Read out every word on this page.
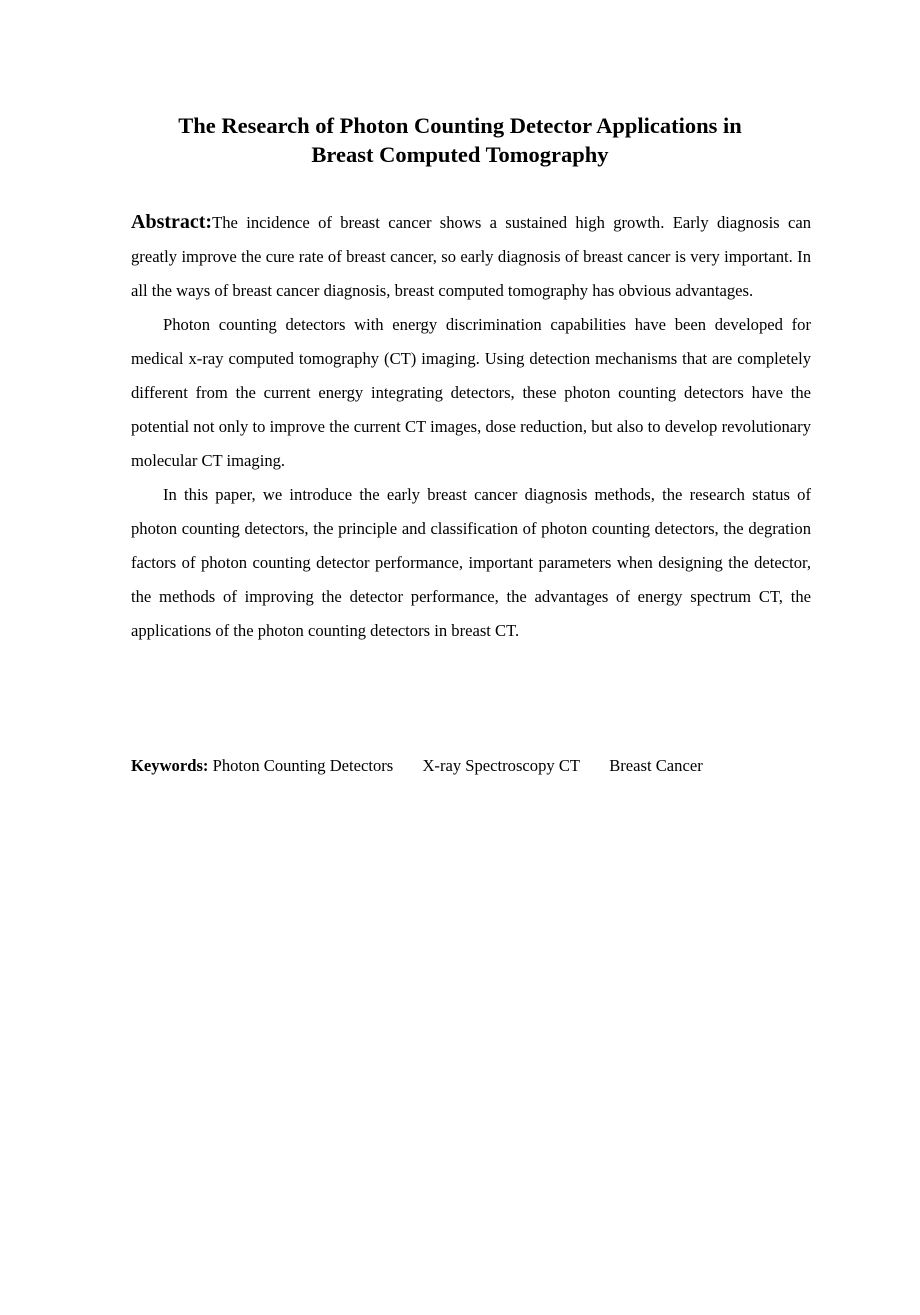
The Research of Photon Counting Detector Applications in
Breast Computed Tomography

Abstract:The incidence of breast cancer shows a sustained high growth. Early diagnosis can greatly improve the cure rate of breast cancer, so early diagnosis of breast cancer is very important. In all the ways of breast cancer diagnosis, breast computed tomography has obvious advantages.

Photon counting detectors with energy discrimination capabilities have been developed for medical x-ray computed tomography (CT) imaging. Using detection mechanisms that are completely different from the current energy integrating detectors, these photon counting detectors have the potential not only to improve the current CT images, dose reduction, but also to develop revolutionary molecular CT imaging.

In this paper, we introduce the early breast cancer diagnosis methods, the research status of photon counting detectors, the principle and classification of photon counting detectors, the degration factors of photon counting detector performance, important parameters when designing the detector, the methods of improving the detector performance, the advantages of energy spectrum CT, the applications of the photon counting detectors in breast CT.

Keywords: Photon Counting Detectors X-ray Spectroscopy CT Breast Cancer
